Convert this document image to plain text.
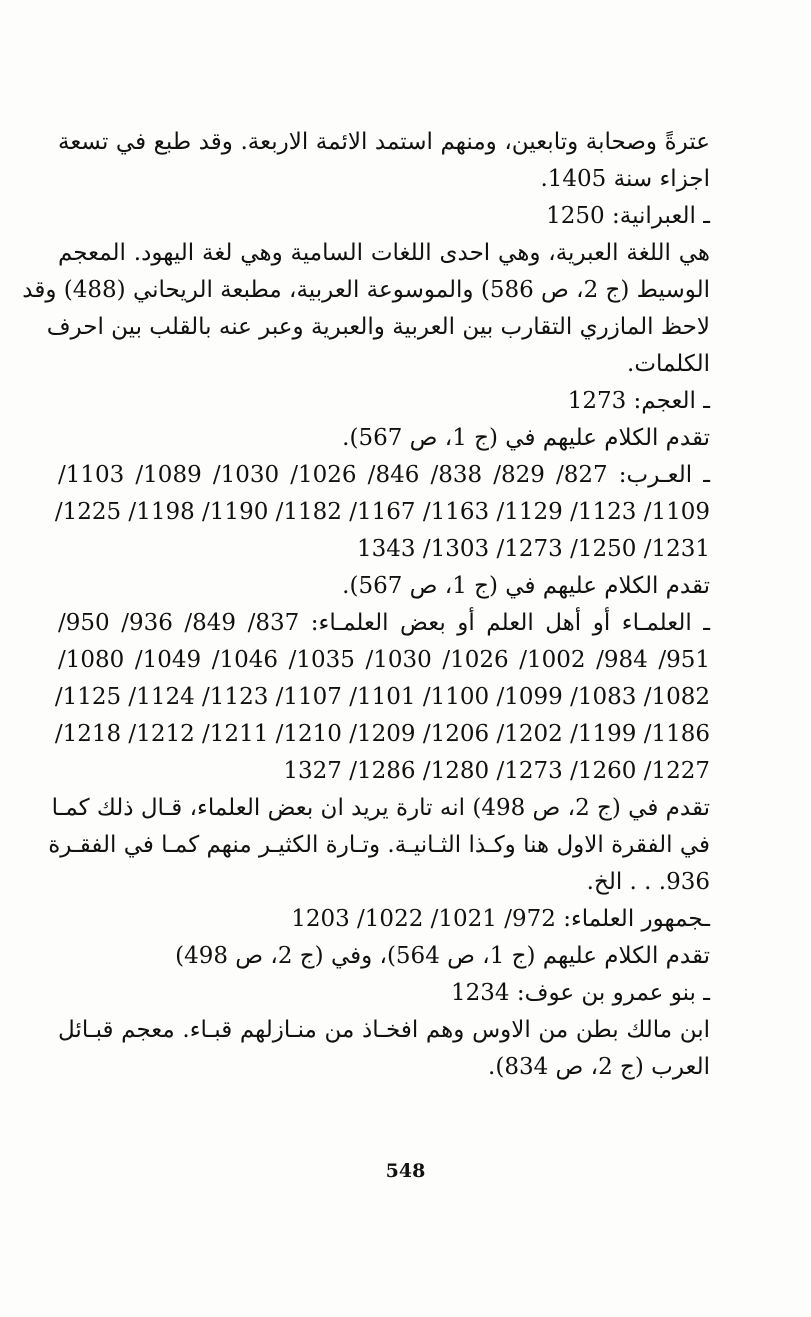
عترةً وصحابة وتابعين، ومنهم استمد الائمة الاربعة. وقد طبع في تسعة
اجزاء سنة 1405.
ـ العبرانية: 1250
هي اللغة العبرية، وهي احدى اللغات السامية وهي لغة اليهود. المعجم
الوسيط (ج 2، ص 586) والموسوعة العربية، مطبعة الريحاني (488) وقد
لاحظ المازري التقارب بين العربية والعبرية وعبر عنه بالقلب بين احرف
الكلمات.
ـ العجم: 1273
تقدم الكلام عليهم في (ج 1، ص 567).
ـ العـرب: 827/ 829/ 838/ 846/ 1026/ 1030/ 1089/ 1103/
1109/ 1123/ 1129/ 1163/ 1167/ 1182/ 1190/ 1198/ 1225/
1231/ 1250/ 1273/ 1303/ 1343
تقدم الكلام عليهم في (ج 1، ص 567).
ـ العلمـاء أو أهل العلم أو بعض العلمـاء: 837/ 849/ 936/ 950/
951/ 984/ 1002/ 1026/ 1030/ 1035/ 1046/ 1049/ 1080/
1082/ 1083/ 1099/ 1100/ 1101/ 1107/ 1123/ 1124/ 1125/
1186/ 1199/ 1202/ 1206/ 1209/ 1210/ 1211/ 1212/ 1218/
1227/ 1260/ 1273/ 1280/ 1286/ 1327
تقدم في (ج 2، ص 498) انه تارة يريد ان بعض العلماء، قـال ذلك كمـا
في الفقرة الاول هنا وكـذا الثـانيـة. وتـارة الكثيـر منهم كمـا في الفقـرة
936. . . الخ.
ـجمهور العلماء: 972/ 1021/ 1022/ 1203
تقدم الكلام عليهم (ج 1، ص 564)، وفي (ج 2، ص 498)
ـ بنو عمرو بن عوف: 1234
ابن مالك بطن من الاوس وهم افخـاذ من منـازلهم قبـاء. معجم قبـائل
العرب (ج 2، ص 834).
548
